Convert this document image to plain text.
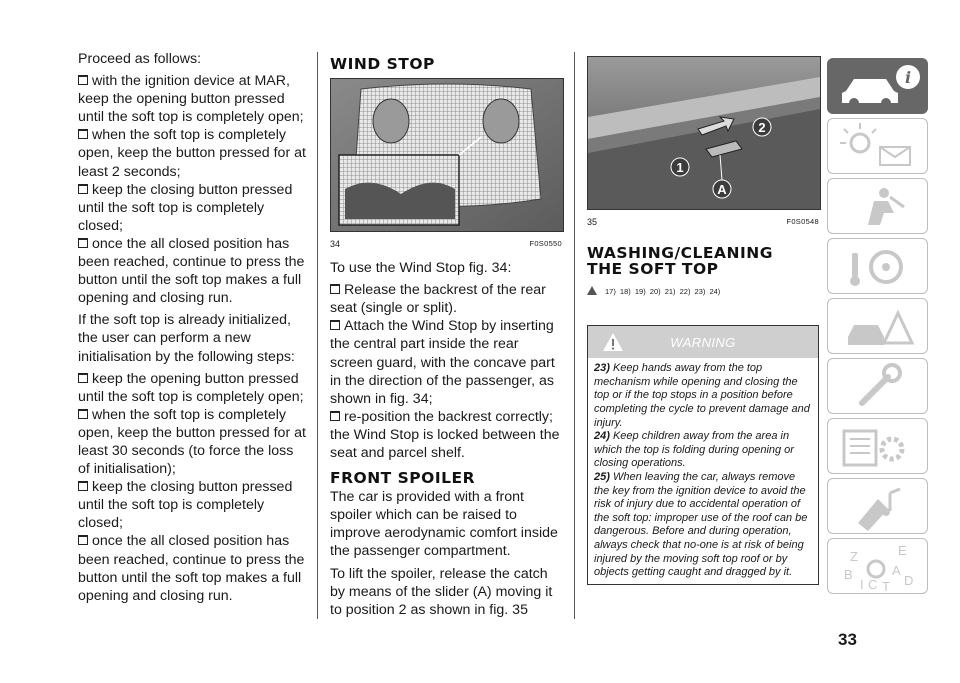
Proceed as follows:

with the ignition device at MAR, keep the opening button pressed until the soft top is completely open;

when the soft top is completely open, keep the button pressed for at least 2 seconds;

keep the closing button pressed until the soft top is completely closed;

once the all closed position has been reached, continue to press the button until the soft top makes a full opening and closing run.

If the soft top is already initialized, the user can perform a new initialisation by the following steps:

keep the opening button pressed until the soft top is completely open;

when the soft top is completely open, keep the button pressed for at least 30 seconds (to force the loss of initialisation);

keep the closing button pressed until the soft top is completely closed;

once the all closed position has been reached, continue to press the button until the soft top makes a full opening and closing run.

WIND STOP
34	F0S0550

To use the Wind Stop fig. 34:

Release the backrest of the rear seat (single or split).

Attach the Wind Stop by inserting the central part inside the rear screen guard, with the concave part in the direction of the passenger, as shown in fig. 34;

re-position the backrest correctly; the Wind Stop is locked between the seat and parcel shelf.

FRONT SPOILER

The car is provided with a front spoiler which can be raised to improve aerodynamic comfort inside the passenger compartment.

To lift the spoiler, release the catch by means of the slider (A) moving it to position 2 as shown in fig. 35

2
1
A
35	F0S0548
WASHING/CLEANING
THE SOFT TOP
17) 18) 19) 20) 21) 22) 23) 24)
WARNING

23) Keep hands away from the top mechanism while opening and closing the top or if the top stops in a position before completing the cycle to prevent damage and injury.

24) Keep children away from the area in which the top is folding during opening or closing operations.

25) When leaving the car, always remove the key from the ignition device to avoid the risk of injury due to accidental operation of the soft top: improper use of the roof can be dangerous. Before and during operation, always check that no-one is at risk of being injured by the moving soft top roof or by objects getting caught and dragged by it.

33
i
Z	E
B	A
I C T D
